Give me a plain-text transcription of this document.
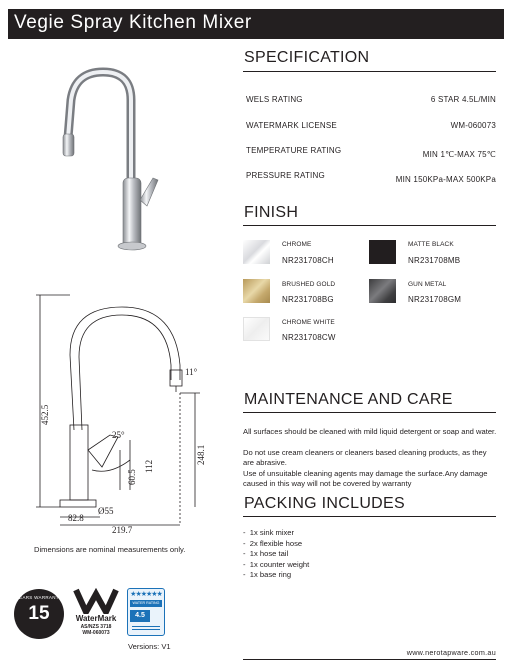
Vegie Spray Kitchen Mixer
11°
452.5
248.1
25°
60.5
112
Ø55
82.8
219.7
Dimensions are nominal measurements only.
SPECIFICATION
WELS RATING	6 STAR 4.5L/MIN
WATERMARK LICENSE	WM-060073
TEMPERATURE RATING	MIN 1℃-MAX 75℃
PRESSURE RATING	MIN 150KPa-MAX 500KPa
FINISH
CHROME
NR231708CH
MATTE BLACK
NR231708MB
BRUSHED GOLD
NR231708BG
GUN METAL
NR231708GM
CHROME WHITE
NR231708CW
MAINTENANCE AND CARE
All surfaces should be cleaned with mild liquid detergent or soap and water.
Do not use cream cleaners or cleaners based cleaning products, as they are abrasive.
Use of unsuitable cleaning agents may damage the surface.Any damage caused in this way will not be covered by warranty
PACKING INCLUDES
-  1x sink mixer
-  2x flexible hose
-  1x hose tail
-  1x counter weight
-  1x base ring
YEARS WARRANTY
15	WaterMark
AS/NZS 3718
WM-060073
★★★★★★
WATER RATING
4.5
Versions: V1
www.nerotapware.com.au
